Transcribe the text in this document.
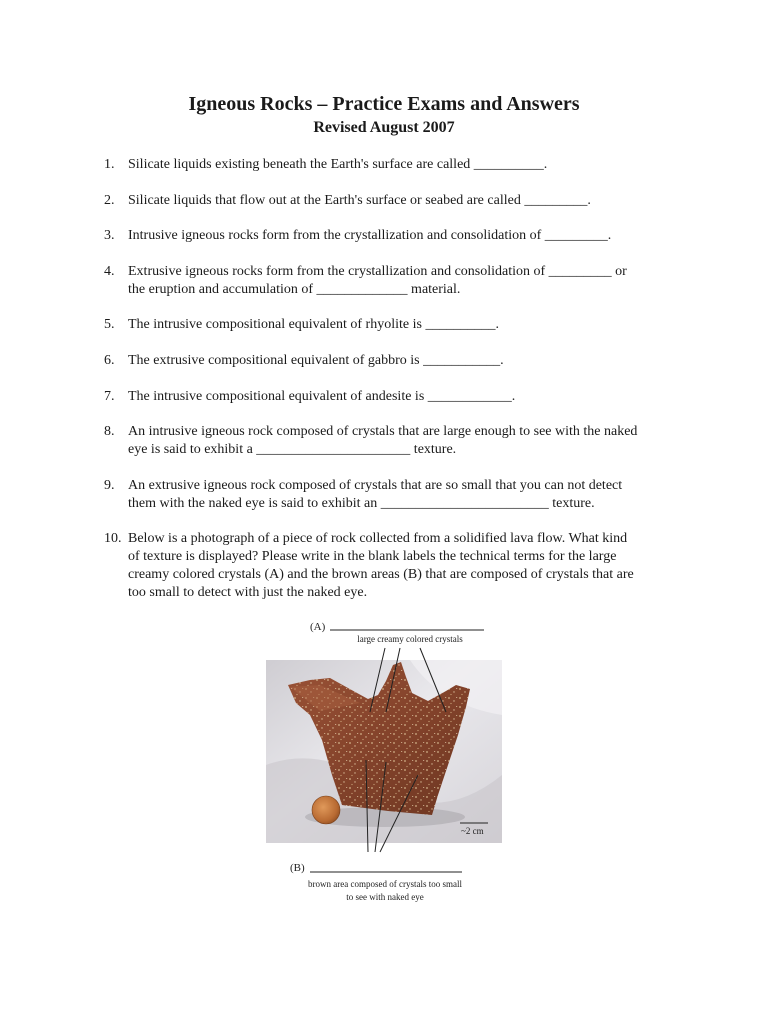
Igneous Rocks – Practice Exams and Answers
Revised August 2007
1. Silicate liquids existing beneath the Earth's surface are called __________.
2. Silicate liquids that flow out at the Earth's surface or seabed are called _________.
3. Intrusive igneous rocks form from the crystallization and consolidation of _________.
4. Extrusive igneous rocks form from the crystallization and consolidation of _________ or
the eruption and accumulation of _____________ material.
5. The intrusive compositional equivalent of rhyolite is __________.
6. The extrusive compositional equivalent of gabbro is ___________.
7. The intrusive compositional equivalent of andesite is ____________.
8. An intrusive igneous rock composed of crystals that are large enough to see with the naked
eye is said to exhibit a ______________________ texture.
9. An extrusive igneous rock composed of crystals that are so small that you can not detect
them with the naked eye is said to exhibit an ________________________ texture.
10. Below is a photograph of a piece of rock collected from a solidified lava flow. What kind
of texture is displayed? Please write in the blank labels the technical terms for the large
creamy colored crystals (A) and the brown areas (B) that are composed of crystals that are
too small to detect with just the naked eye.
~2 cm
(A)
large creamy colored crystals
(B)
brown area composed of crystals too small
to see with naked eye
